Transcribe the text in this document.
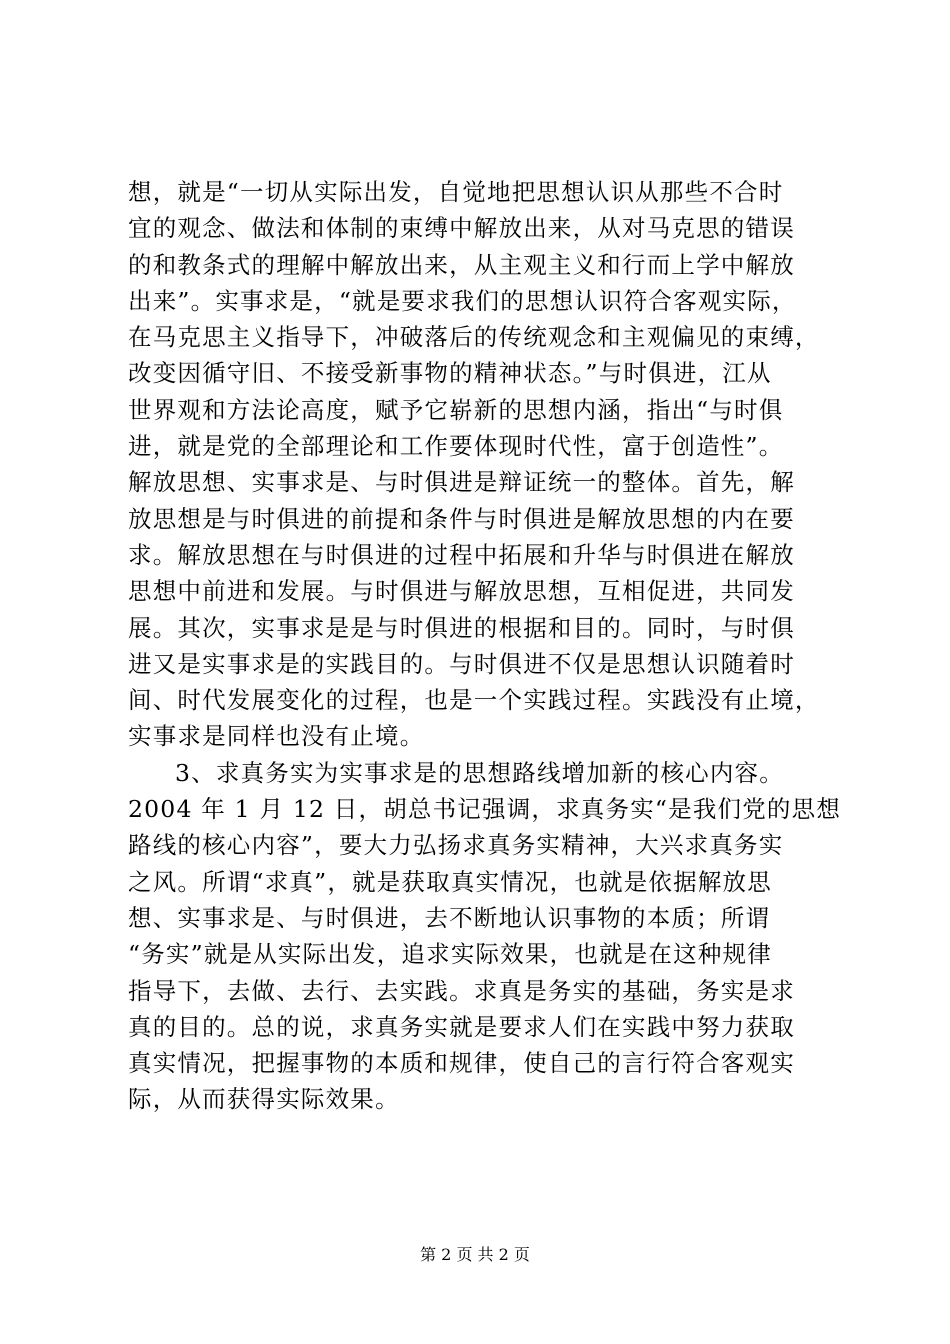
想，就是“一切从实际出发，自觉地把思想认识从那些不合时
宜的观念、做法和体制的束缚中解放出来，从对马克思的错误
的和教条式的理解中解放出来，从主观主义和行而上学中解放
出来”。实事求是，“就是要求我们的思想认识符合客观实际，
在马克思主义指导下，冲破落后的传统观念和主观偏见的束缚，
改变因循守旧、不接受新事物的精神状态。”与时俱进，江从
世界观和方法论高度，赋予它崭新的思想内涵，指出“与时俱
进，就是党的全部理论和工作要体现时代性，富于创造性”。
解放思想、实事求是、与时俱进是辩证统一的整体。首先，解
放思想是与时俱进的前提和条件与时俱进是解放思想的内在要
求。解放思想在与时俱进的过程中拓展和升华与时俱进在解放
思想中前进和发展。与时俱进与解放思想，互相促进，共同发
展。其次，实事求是是与时俱进的根据和目的。同时，与时俱
进又是实事求是的实践目的。与时俱进不仅是思想认识随着时
间、时代发展变化的过程，也是一个实践过程。实践没有止境，
实事求是同样也没有止境。
3、求真务实为实事求是的思想路线增加新的核心内容。
2004 年 1 月 12 日，胡总书记强调，求真务实“是我们党的思想
路线的核心内容”，要大力弘扬求真务实精神，大兴求真务实
之风。所谓“求真”，就是获取真实情况，也就是依据解放思
想、实事求是、与时俱进，去不断地认识事物的本质；所谓
“务实”就是从实际出发，追求实际效果，也就是在这种规律
指导下，去做、去行、去实践。求真是务实的基础，务实是求
真的目的。总的说，求真务实就是要求人们在实践中努力获取
真实情况，把握事物的本质和规律，使自己的言行符合客观实
际，从而获得实际效果。
第 2 页 共 2 页
